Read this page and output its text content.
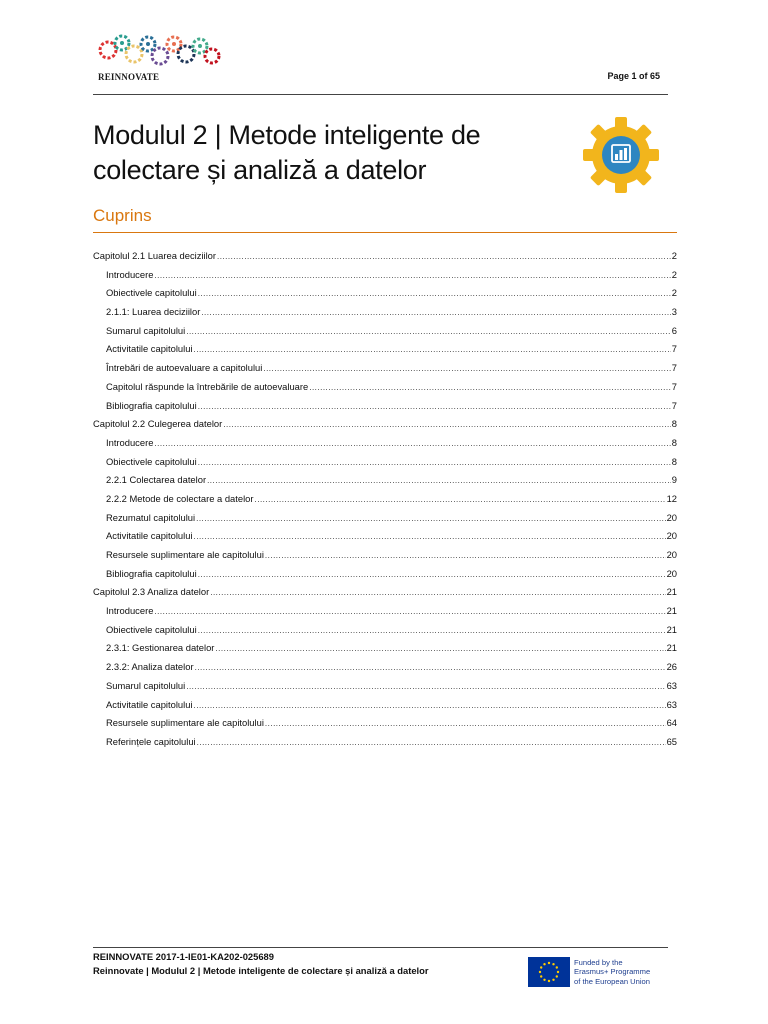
REINNOVATE	Page 1 of 65
Modulul 2 | Metode inteligente de
colectare și analiză a datelor
Cuprins
Capitolul 2.1 Luarea deciziilor .....	2
Introducere .....	2
Obiectivele capitolului .....	2
2.1.1: Luarea deciziilor .....	3
Sumarul capitolului .....	6
Activitatile capitolului .....	7
Întrebări de autoevaluare a capitolului .....	7
Capitolul răspunde la întrebările de autoevaluare .....	7
Bibliografia capitolului .....	7
Capitolul 2.2 Culegerea datelor .....	8
Introducere .....	8
Obiectivele capitolului .....	8
2.2.1 Colectarea datelor .....	9
2.2.2 Metode de colectare a datelor .....	12
Rezumatul capitolului .....	20
Activitatile capitolului .....	20
Resursele suplimentare ale capitolului .....	20
Bibliografia capitolului .....	20
Capitolul 2.3 Analiza datelor .....	21
Introducere .....	21
Obiectivele capitolului .....	21
2.3.1: Gestionarea datelor .....	21
2.3.2: Analiza datelor .....	26
Sumarul capitolului .....	63
Activitatile capitolului .....	63
Resursele suplimentare ale capitolului .....	64
Referințele capitolului .....	65
REINNOVATE 2017-1-IE01-KA202-025689
Reinnovate | Modulul 2 | Metode inteligente de colectare și analiză a datelor
Funded by the
Erasmus+ Programme
of the European Union
